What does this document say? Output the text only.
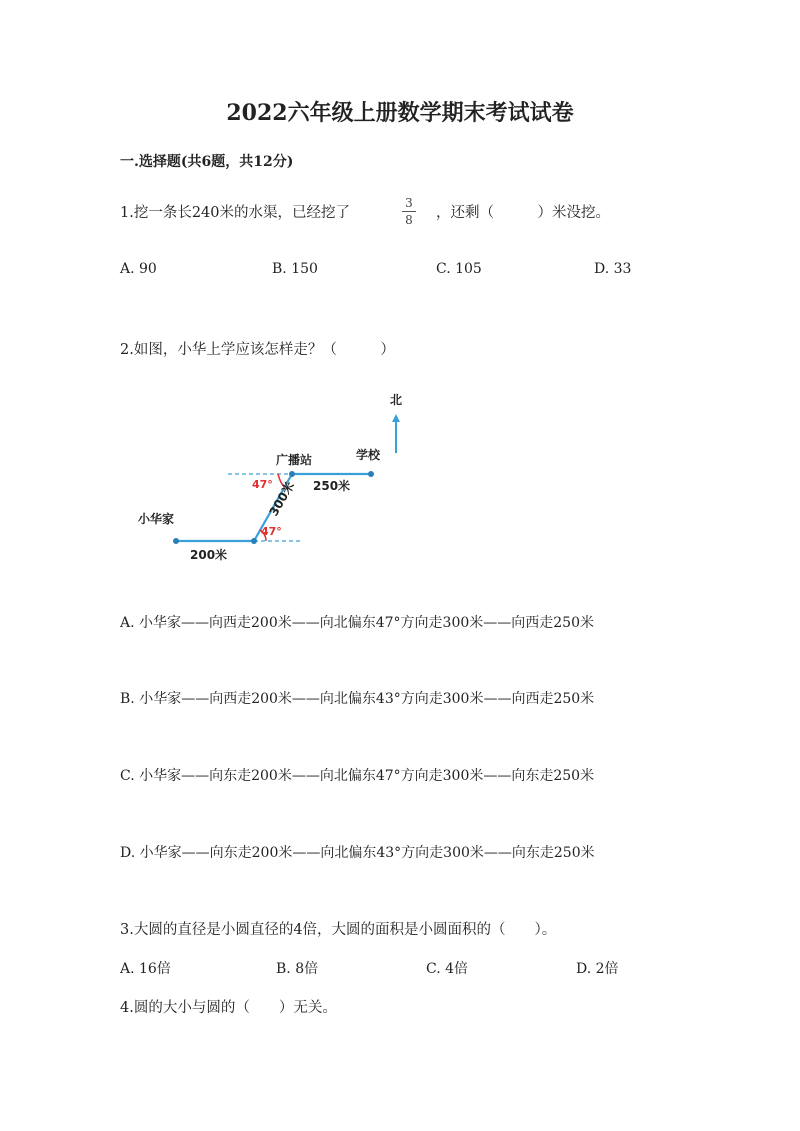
2022六年级上册数学期末考试试卷
一.选择题(共6题，共12分)
1.挖一条长240米的水渠，已经挖了
3
8 ，还剩（　　　）米没挖。
A. 90	B. 150	C. 105	D. 33
2.如图，小华上学应该怎样走？（　　　）
北
广播站	学校
小华家
200米
250米
300米
47°
47°
A. 小华家——向西走200米——向北偏东47°方向走300米——向西走250米
B. 小华家——向西走200米——向北偏东43°方向走300米——向西走250米
C. 小华家——向东走200米——向北偏东47°方向走300米——向东走250米
D. 小华家——向东走200米——向北偏东43°方向走300米——向东走250米
3.大圆的直径是小圆直径的4倍，大圆的面积是小圆面积的（　　）。
A. 16倍	B. 8倍	C. 4倍	D. 2倍
4.圆的大小与圆的（　　）无关。
